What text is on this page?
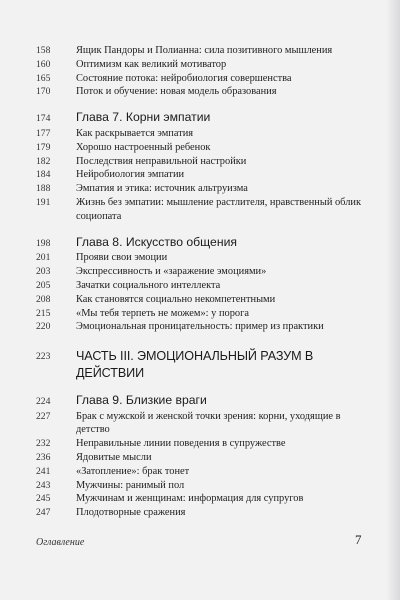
158	Ящик Пандоры и Полианна: сила позитивного мышления
160	Оптимизм как великий мотиватор
165	Состояние потока: нейробиология совершенства
170	Поток и обучение: новая модель образования
174	Глава 7. Корни эмпатии
177	Как раскрывается эмпатия
179	Хорошо настроенный ребенок
182	Последствия неправильной настройки
184	Нейробиология эмпатии
188	Эмпатия и этика: источник альтруизма
191	Жизнь без эмпатии: мышление растлителя, нравственный облик социопата
198	Глава 8. Искусство общения
201	Прояви свои эмоции
203	Экспрессивность и «заражение эмоциями»
205	Зачатки социального интеллекта
208	Как становятся социально некомпетентными
215	«Мы тебя терпеть не можем»: у порога
220	Эмоциональная проницательность: пример из практики
223	ЧАСТЬ III. ЭМОЦИОНАЛЬНЫЙ РАЗУМ В ДЕЙСТВИИ
224	Глава 9. Близкие враги
227	Брак с мужской и женской точки зрения: корни, уходящие в детство
232	Неправильные линии поведения в супружестве
236	Ядовитые мысли
241	«Затопление»: брак тонет
243	Мужчины: ранимый пол
245	Мужчинам и женщинам: информация для супругов
247	Плодотворные сражения
Оглавление	7
